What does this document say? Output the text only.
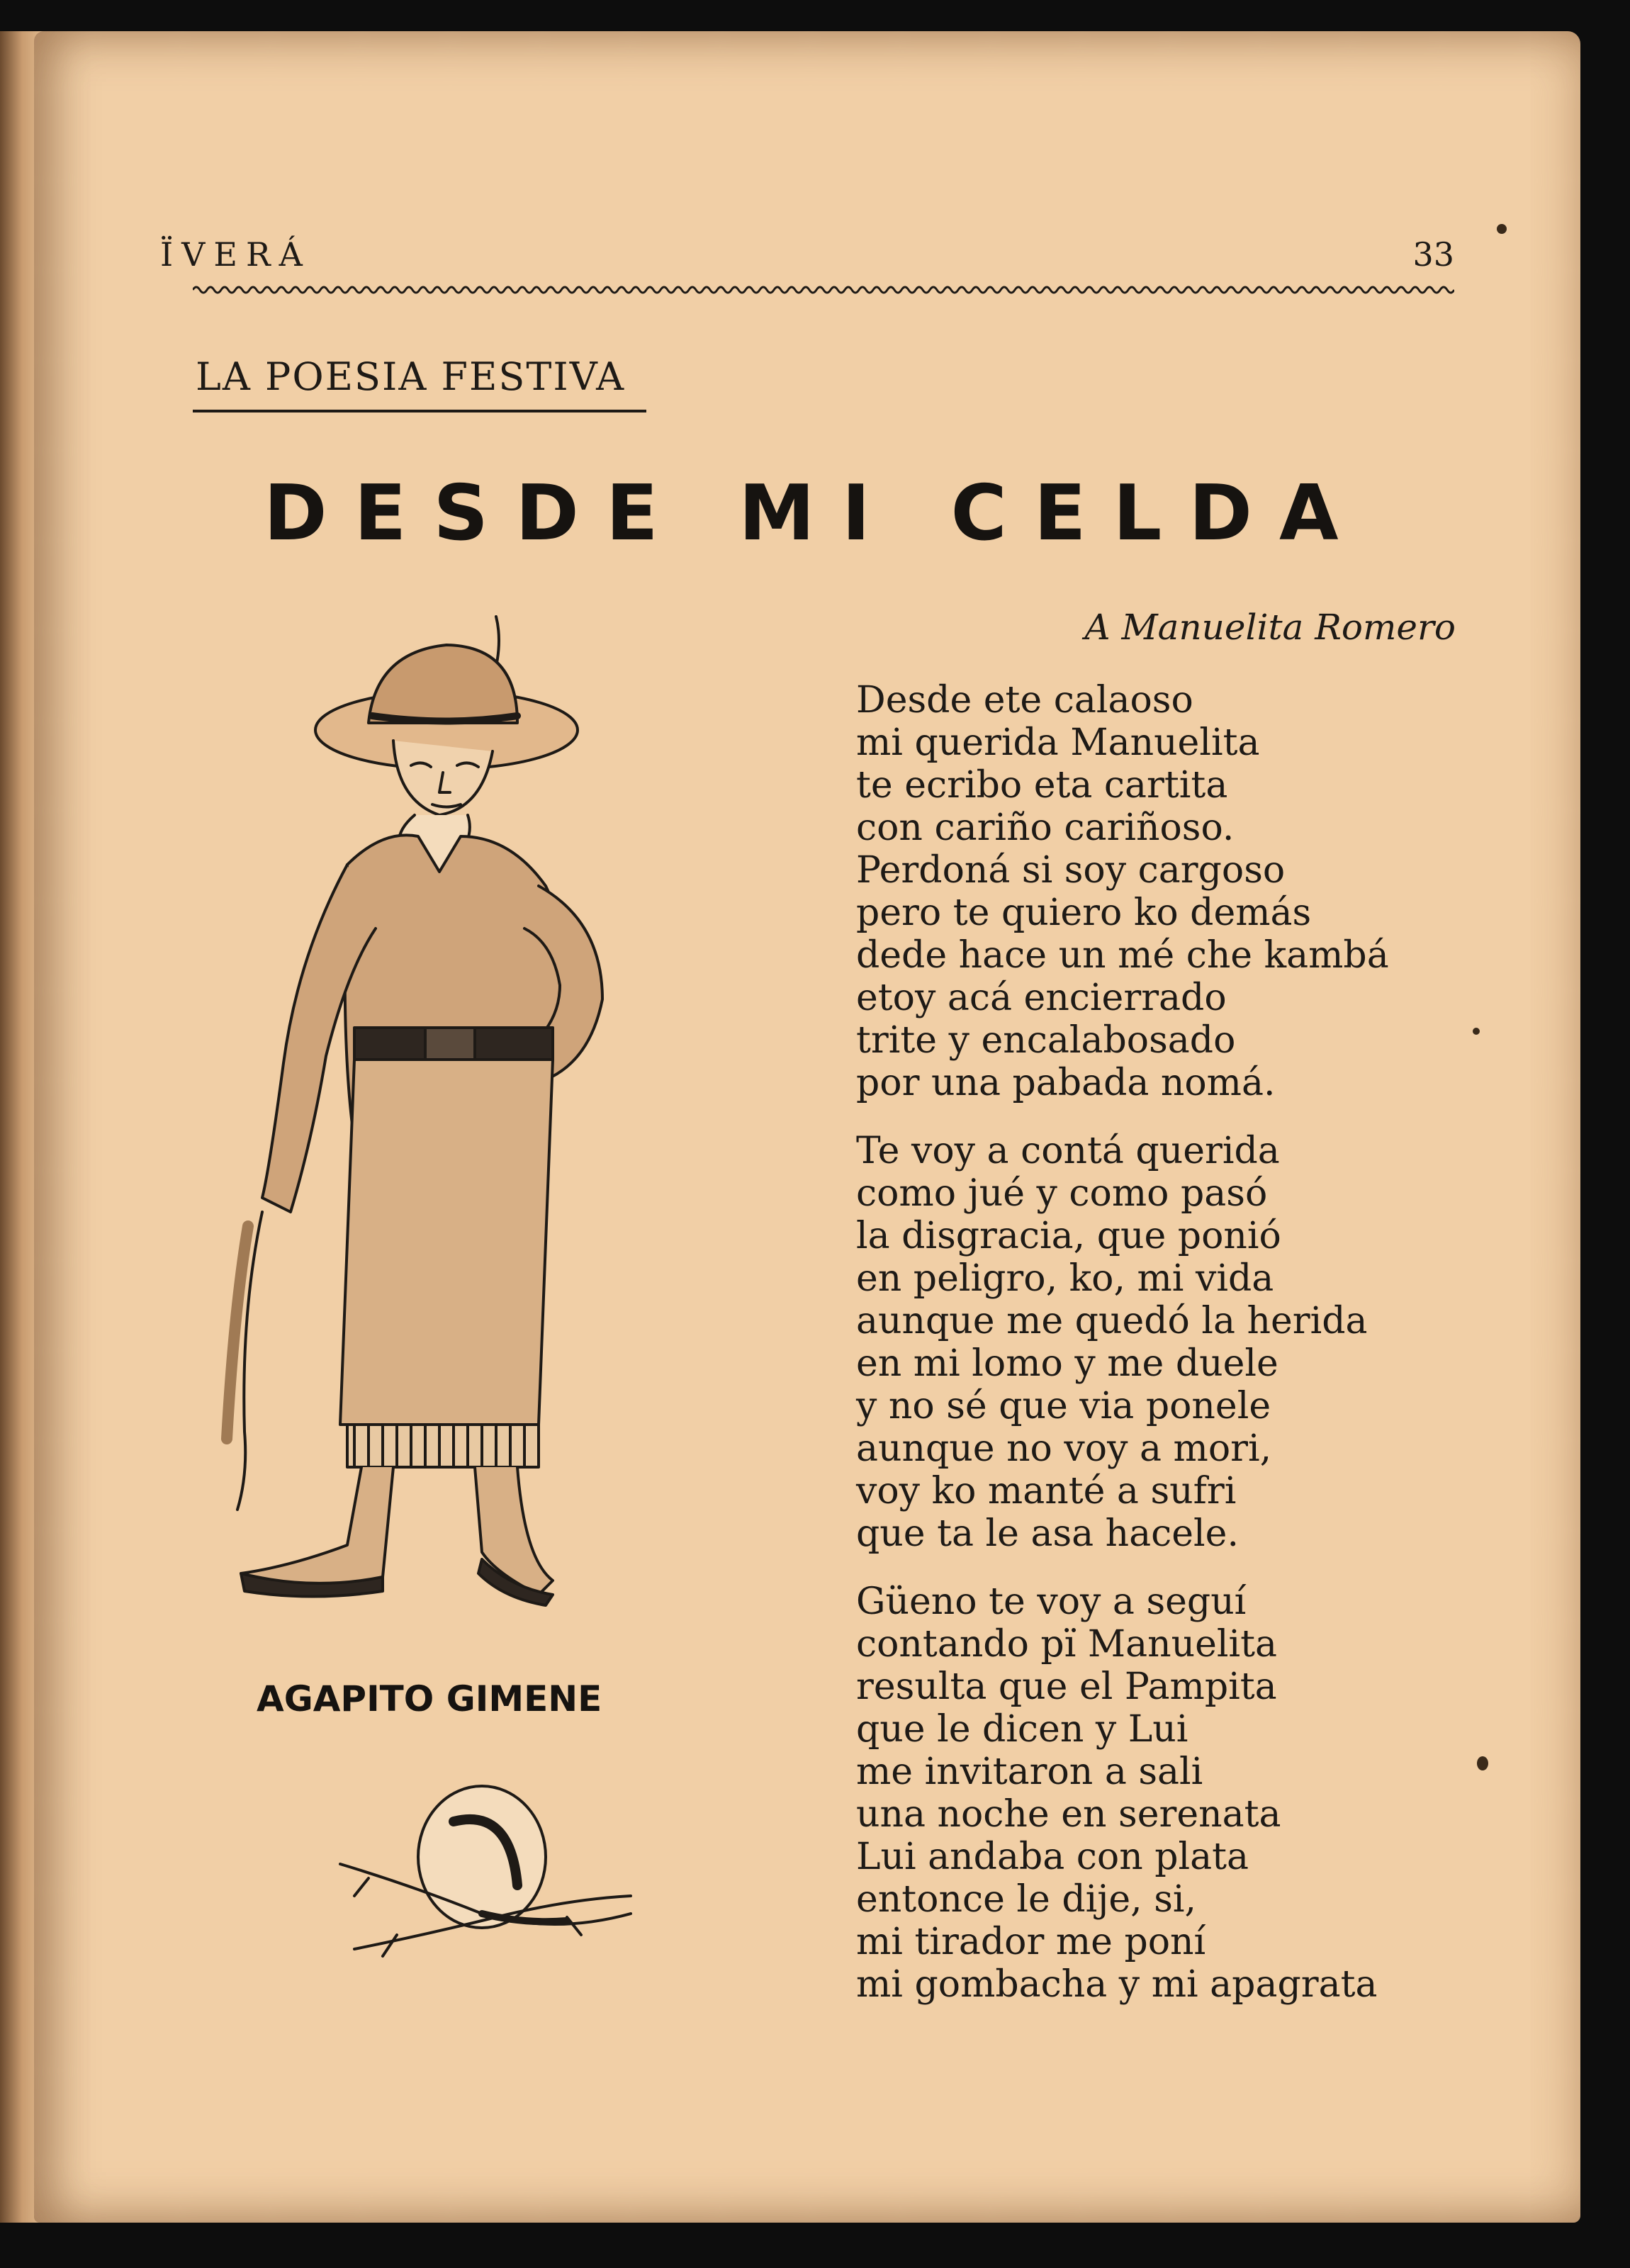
ÏVERÁ	33
LA POESIA FESTIVA
DESDE MI CELDA
A Manuelita Romero
AGAPITO GIMENE
Desde ete calaoso
mi querida Manuelita
te ecribo eta cartita
con cariño cariñoso.
Perdoná si soy cargoso
pero te quiero ko demás
dede hace un mé che kambá
etoy acá encierrado
trite y encalabosado
por una pabada nomá.
Te voy a contá querida
como jué y como pasó
la disgracia, que ponió
en peligro, ko, mi vida
aunque me quedó la herida
en mi lomo y me duele
y no sé que via ponele
aunque no voy a mori,
voy ko manté a sufri
que ta le asa hacele.
Güeno te voy a seguí
contando pï Manuelita
resulta que el Pampita
que le dicen y Lui
me invitaron a sali
una noche en serenata
Lui andaba con plata
entonce le dije, si,
mi tirador me poní
mi gombacha y mi apagrata
